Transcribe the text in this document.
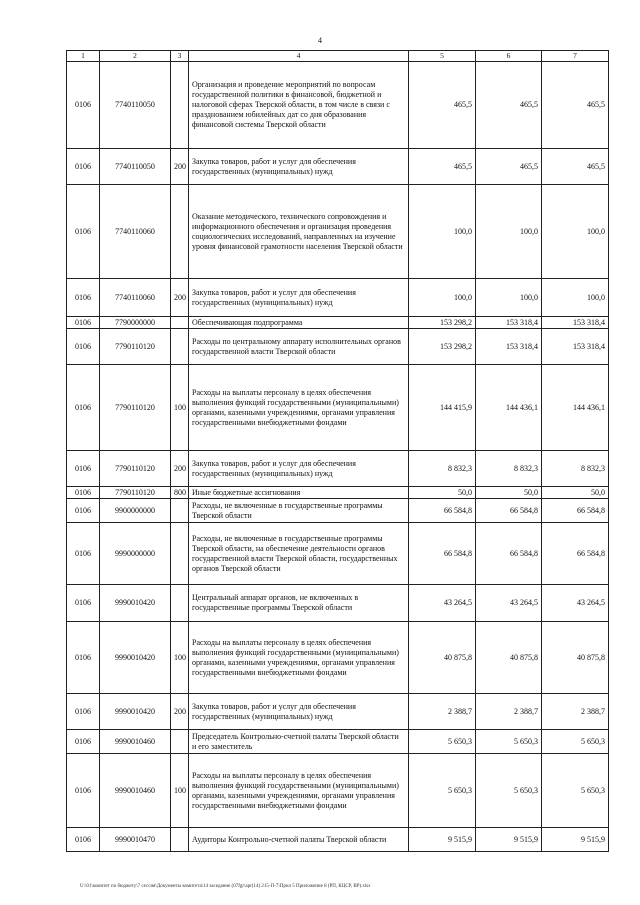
4
1	2	3	4	5	6	7
0106	7740110050		Организация и проведение мероприятий по вопросам государственной политики в финансовой, бюджетной и налоговой сферах Тверской области, в том числе в связи с празднованием юбилейных дат со дня образования финансовой системы Тверской области	465,5	465,5	465,5
0106	7740110050	200	Закупка товаров, работ и услуг для обеспечения государственных (муниципальных) нужд	465,5	465,5	465,5
0106	7740110060		Оказание методического, технического сопровождения и информационного обеспечения и организация проведения социологических исследований, направленных на изучение уровня финансовой грамотности населения Тверской области	100,0	100,0	100,0
0106	7740110060	200	Закупка товаров, работ и услуг для обеспечения государственных (муниципальных) нужд	100,0	100,0	100,0
0106	7790000000		Обеспечивающая подпрограмма	153 298,2	153 318,4	153 318,4
0106	7790110120		Расходы по центральному аппарату исполнительных органов государственной власти Тверской области	153 298,2	153 318,4	153 318,4
0106	7790110120	100	Расходы на выплаты персоналу в целях обеспечения выполнения функций государственными (муниципальными) органами, казенными учреждениями, органами управления государственными внебюджетными фондами	144 415,9	144 436,1	144 436,1
0106	7790110120	200	Закупка товаров, работ и услуг для обеспечения государственных (муниципальных) нужд	8 832,3	8 832,3	8 832,3
0106	7790110120	800	Иные бюджетные ассигнования	50,0	50,0	50,0
0106	9900000000		Расходы, не включенные в государственные программы Тверской области	66 584,8	66 584,8	66 584,8
0106	9990000000		Расходы, не включенные в государственные программы Тверской области, на обеспечение деятельности органов государственной власти Тверской области, государственных органов Тверской области	66 584,8	66 584,8	66 584,8
0106	9990010420		Центральный аппарат органов, не включенных в государственные программы Тверской области	43 264,5	43 264,5	43 264,5
0106	9990010420	100	Расходы на выплаты персоналу в целях обеспечения выполнения функций государственными (муниципальными) органами, казенными учреждениями, органами управления государственными внебюджетными фондами	40 875,8	40 875,8	40 875,8
0106	9990010420	200	Закупка товаров, работ и услуг для обеспечения государственных (муниципальных) нужд	2 388,7	2 388,7	2 388,7
0106	9990010460		Председатель Контрольно-счетной палаты Тверской области и его заместитель	5 650,3	5 650,3	5 650,3
0106	9990010460	100	Расходы на выплаты персоналу в целях обеспечения выполнения функций государственными (муниципальными) органами, казенными учреждениями, органами управления государственными внебюджетными фондами	5 650,3	5 650,3	5 650,3
0106	9990010470		Аудиторы Контрольно-счетной палаты Тверской области	9 515,9	9 515,9	9 515,9
U:\01\комитет по бюджету\7 сессия\Документы комитета\14 заседание (07fgr\apr(14) 215-П-7\Прил 5 Приложение 8 (РП, КЦСР, ВР).xlsx
